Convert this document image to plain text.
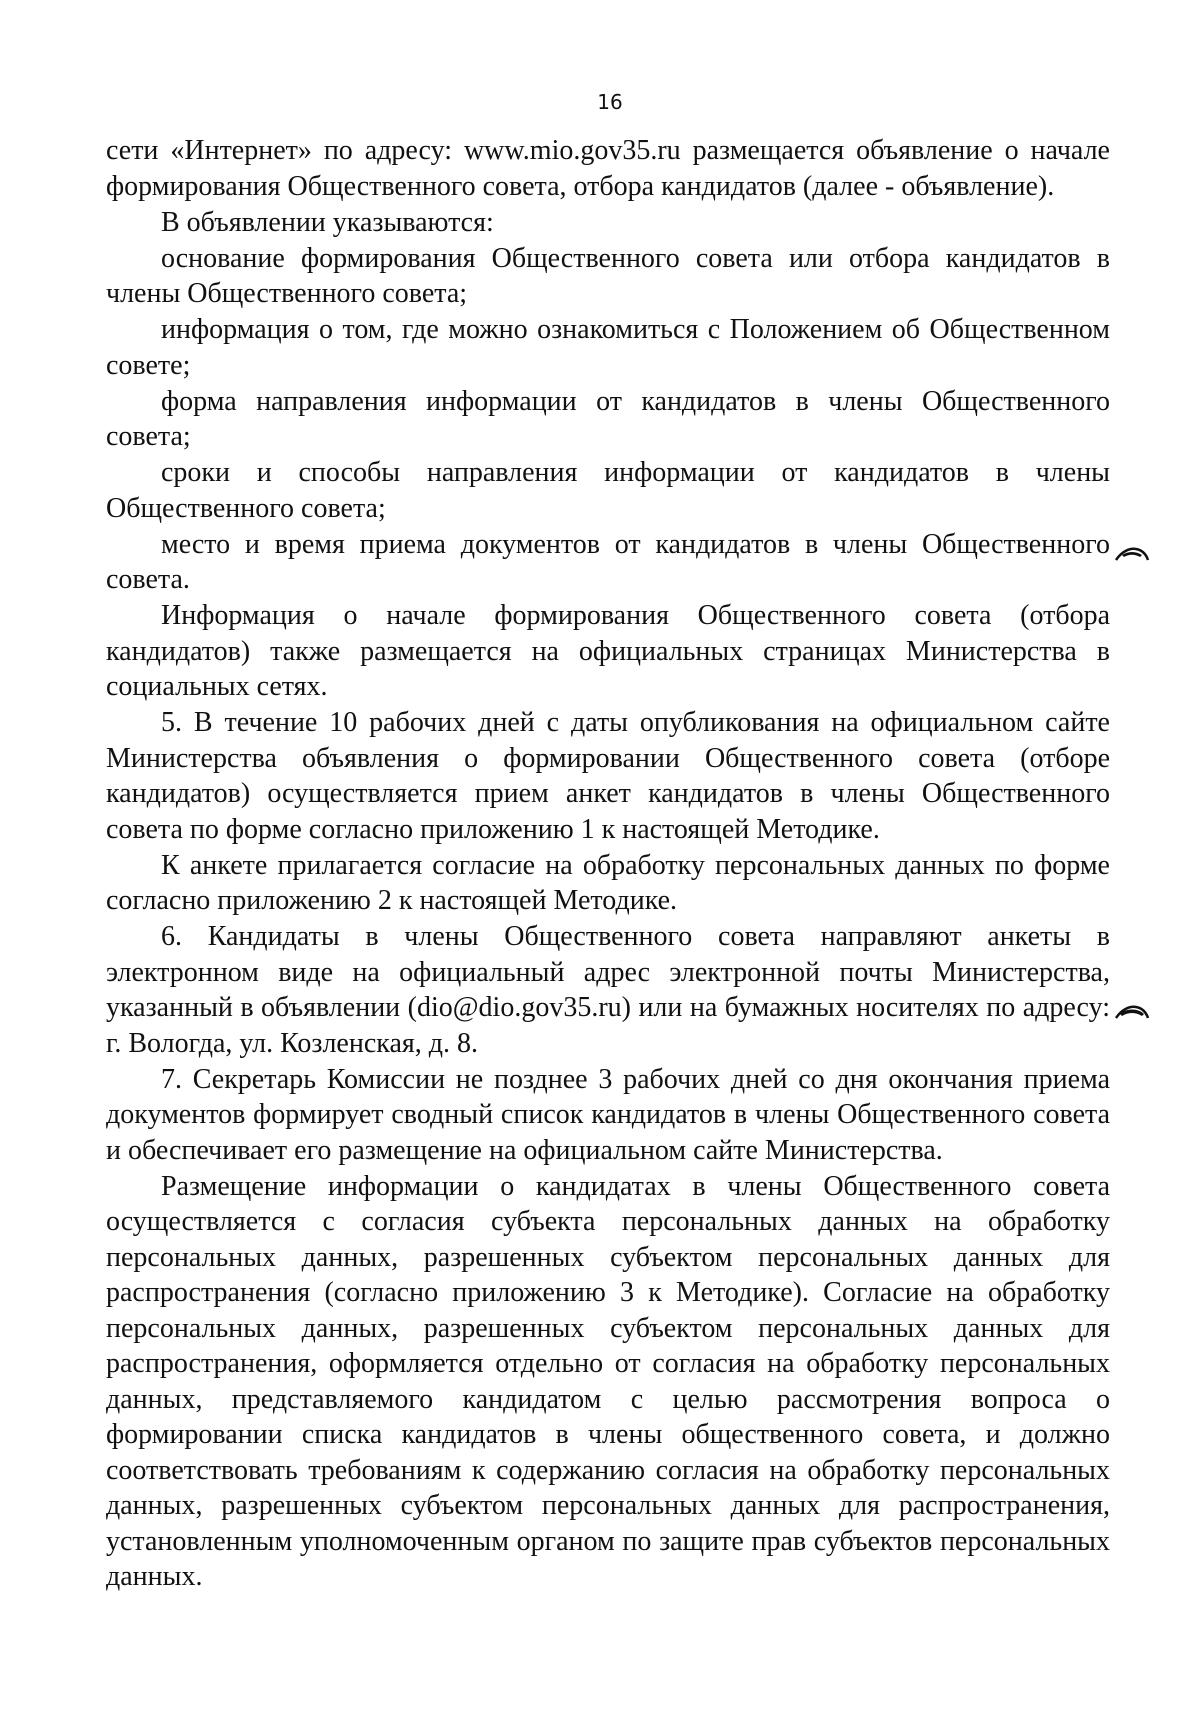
16

сети «Интернет» по адресу: www.mio.gov35.ru размещается объявление о начале формирования Общественного совета, отбора кандидатов (далее - объявление).

В объявлении указываются:

основание формирования Общественного совета или отбора кандидатов в члены Общественного совета;

информация о том, где можно ознакомиться с Положением об Общественном совете;

форма направления информации от кандидатов в члены Общественного совета;

сроки и способы направления информации от кандидатов в члены Общественного совета;

место и время приема документов от кандидатов в члены Общественного совета.

Информация о начале формирования Общественного совета (отбора кандидатов) также размещается на официальных страницах Министерства в социальных сетях.

5. В течение 10 рабочих дней с даты опубликования на официальном сайте Министерства объявления о формировании Общественного совета (отборе кандидатов) осуществляется прием анкет кандидатов в члены Общественного совета по форме согласно приложению 1 к настоящей Методике.

К анкете прилагается согласие на обработку персональных данных по форме согласно приложению 2 к настоящей Методике.

6. Кандидаты в члены Общественного совета направляют анкеты в электронном виде на официальный адрес электронной почты Министерства, указанный в объявлении (dio@dio.gov35.ru) или на бумажных носителях по адресу: г. Вологда, ул. Козленская, д. 8.

7. Секретарь Комиссии не позднее 3 рабочих дней со дня окончания приема документов формирует сводный список кандидатов в члены Общественного совета и обеспечивает его размещение на официальном сайте Министерства.

Размещение информации о кандидатах в члены Общественного совета осуществляется с согласия субъекта персональных данных на обработку персональных данных, разрешенных субъектом персональных данных для распространения (согласно приложению 3 к Методике). Согласие на обработку персональных данных, разрешенных субъектом персональных данных для распространения, оформляется отдельно от согласия на обработку персональных данных, представляемого кандидатом с целью рассмотрения вопроса о формировании списка кандидатов в члены общественного совета, и должно соответствовать требованиям к содержанию согласия на обработку персональных данных, разрешенных субъектом персональных данных для распространения, установленным уполномоченным органом по защите прав субъектов персональных данных.
